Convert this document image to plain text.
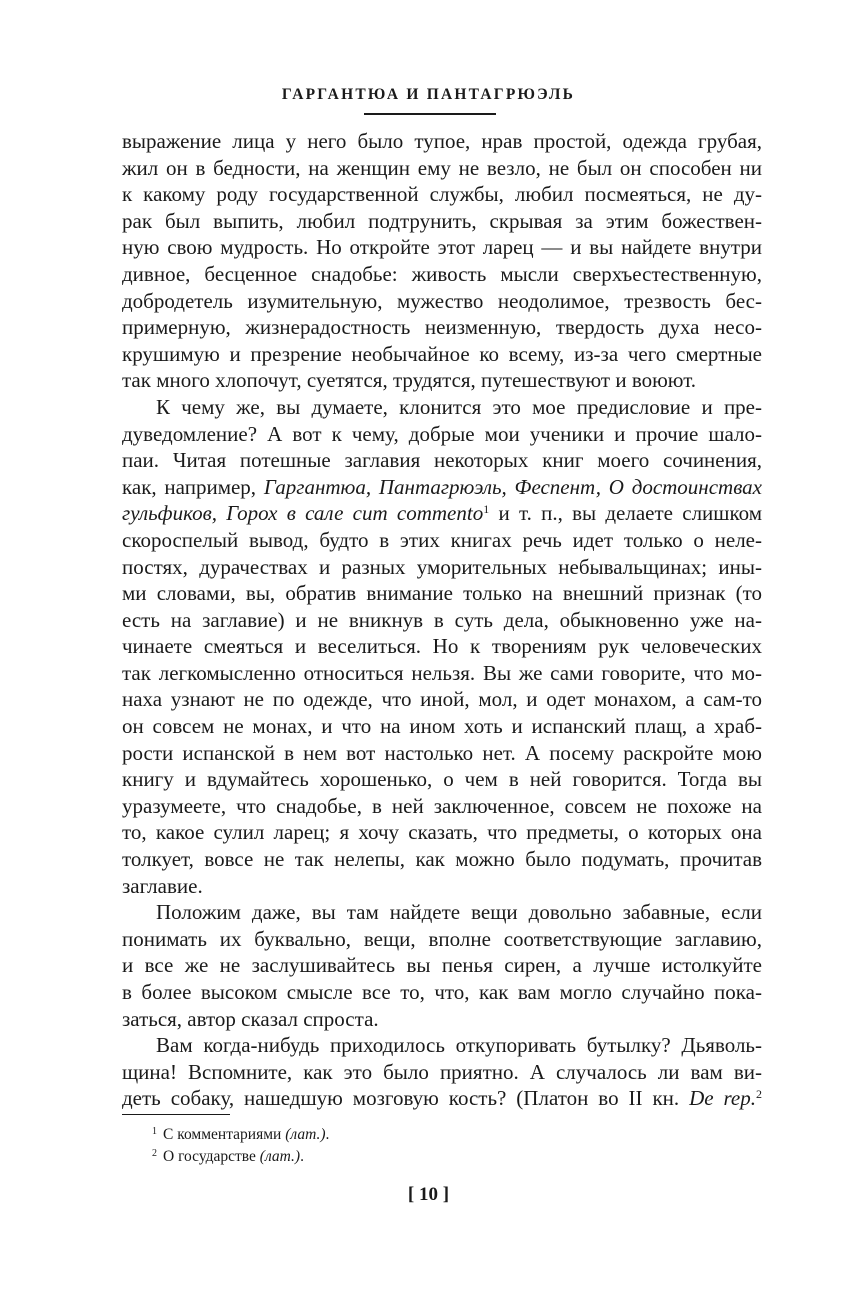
ГАРГАНТЮА И ПАНТАГРЮЭЛЬ
выражение лица у него было тупое, нрав простой, одежда грубая,
жил он в бедности, на женщин ему не везло, не был он способен ни
к какому роду государственной службы, любил посмеяться, не ду-
рак был выпить, любил подтрунить, скрывая за этим божествен-
ную свою мудрость. Но откройте этот ларец — и вы найдете внутри
дивное, бесценное снадобье: живость мысли сверхъестественную,
добродетель изумительную, мужество неодолимое, трезвость бес-
примерную, жизнерадостность неизменную, твердость духа несо-
крушимую и презрение необычайное ко всему, из-за чего смертные
так много хлопочут, суетятся, трудятся, путешествуют и воюют.
К чему же, вы думаете, клонится это мое предисловие и пре-
дуведомление? А вот к чему, добрые мои ученики и прочие шало-
паи. Читая потешные заглавия некоторых книг моего сочинения,
как, например, Гаргантюа, Пантагрюэль, Феспент, О достоинствах
гульфиков, Горох в сале cum commento$^1$ и т. п., вы делаете слишком
скороспелый вывод, будто в этих книгах речь идет только о неле-
постях, дурачествах и разных уморительных небывальщинах; ины-
ми словами, вы, обратив внимание только на внешний признак (то
есть на заглавие) и не вникнув в суть дела, обыкновенно уже на-
чинаете смеяться и веселиться. Но к творениям рук человеческих
так легкомысленно относиться нельзя. Вы же сами говорите, что мо-
наха узнают не по одежде, что иной, мол, и одет монахом, а сам-то
он совсем не монах, и что на ином хоть и испанский плащ, а храб-
рости испанской в нем вот настолько нет. А посему раскройте мою
книгу и вдумайтесь хорошенько, о чем в ней говорится. Тогда вы
уразумеете, что снадобье, в ней заключенное, совсем не похоже на
то, какое сулил ларец; я хочу сказать, что предметы, о которых она
толкует, вовсе не так нелепы, как можно было подумать, прочитав
заглавие.
Положим даже, вы там найдете вещи довольно забавные, если
понимать их буквально, вещи, вполне соответствующие заглавию,
и все же не заслушивайтесь вы пенья сирен, а лучше истолкуйте
в более высоком смысле все то, что, как вам могло случайно пока-
заться, автор сказал спроста.
Вам когда-нибудь приходилось откупоривать бутылку? Дьяволь-
щина! Вспомните, как это было приятно. А случалось ли вам ви-
деть собаку, нашедшую мозговую кость? (Платон во II кн. De rep.$^2$
$^1$ С комментариями (лат.).
$^2$ О государстве (лат.).
[ 10 ]
